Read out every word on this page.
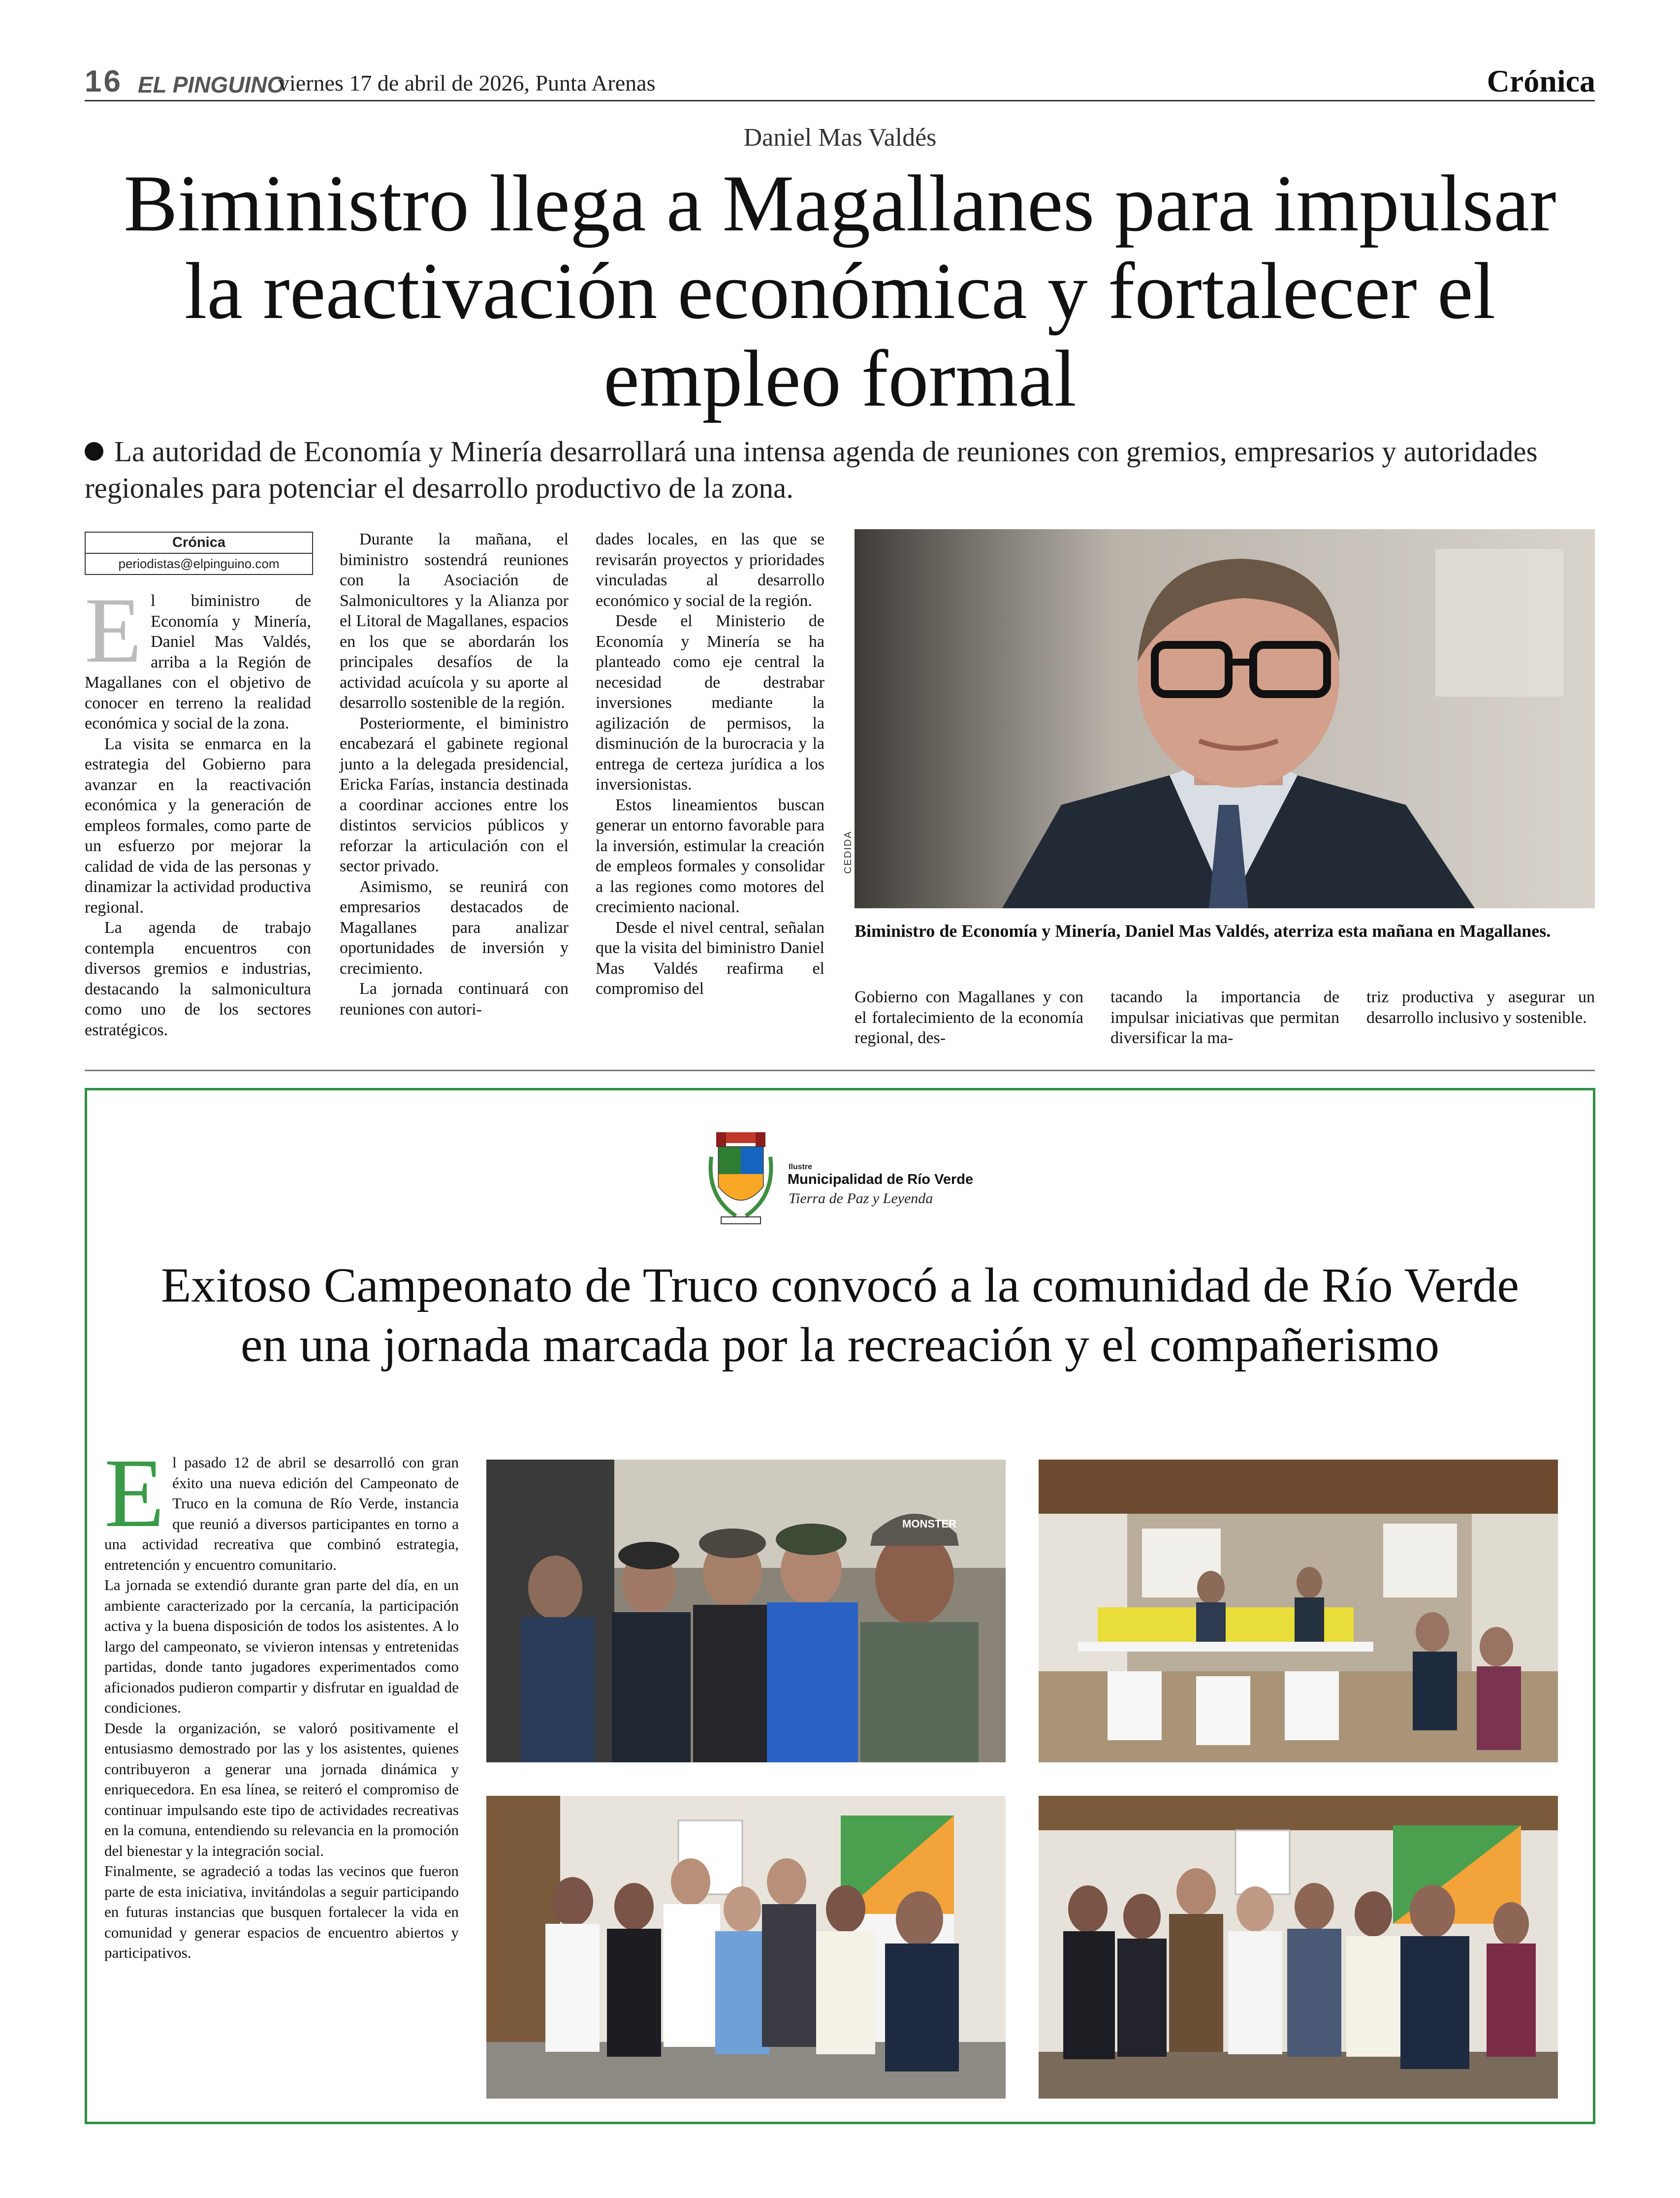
16 EL PINGUINO
viernes 17 de abril de 2026, Punta Arenas	Crónica
Daniel Mas Valdés
Biministro llega a Magallanes para impulsar la reactivación económica y fortalecer el empleo formal
La autoridad de Economía y Minería desarrollará una intensa agenda de reuniones con gremios, empresarios y autoridades regionales para potenciar el desarrollo productivo de la zona.
Crónica
periodistas@elpinguino.com
E l biministro de Economía y Minería, Daniel Mas Valdés, arriba a la Región de Magallanes con el objetivo de conocer en terreno la realidad económica y social de la zona.

La visita se enmarca en la estrategia del Gobierno para avanzar en la reactivación económica y la generación de empleos formales, como parte de un esfuerzo por mejorar la calidad de vida de las personas y dinamizar la actividad productiva regional.

La agenda de trabajo contempla encuentros con diversos gremios e industrias, destacando la salmonicultura como uno de los sectores estratégicos.

Durante la mañana, el biministro sostendrá reuniones con la Asociación de Salmonicultores y la Alianza por el Litoral de Magallanes, espacios en los que se abordarán los principales desafíos de la actividad acuícola y su aporte al desarrollo sostenible de la región.

Posteriormente, el biministro encabezará el gabinete regional junto a la delegada presidencial, Ericka Farías, instancia destinada a coordinar acciones entre los distintos servicios públicos y reforzar la articulación con el sector privado.

Asimismo, se reunirá con empresarios destacados de Magallanes para analizar oportunidades de inversión y crecimiento.

La jornada continuará con reuniones con autori-

dades locales, en las que se revisarán proyectos y prioridades vinculadas al desarrollo económico y social de la región.

Desde el Ministerio de Economía y Minería se ha planteado como eje central la necesidad de destrabar inversiones mediante la agilización de permisos, la disminución de la burocracia y la entrega de certeza jurídica a los inversionistas.

Estos lineamientos buscan generar un entorno favorable para la inversión, estimular la creación de empleos formales y consolidar a las regiones como motores del crecimiento nacional.

Desde el nivel central, señalan que la visita del biministro Daniel Mas Valdés reafirma el compromiso del

CEDIDA
Biministro de Economía y Minería, Daniel Mas Valdés, aterriza esta mañana en Magallanes.

Gobierno con Magallanes y con el fortalecimiento de la economía regional, des-

tacando la importancia de impulsar iniciativas que permitan diversificar la ma-

triz productiva y asegurar un desarrollo inclusivo y sostenible.

Ilustre
Municipalidad de Río Verde
Tierra de Paz y Leyenda
Exitoso Campeonato de Truco convocó a la comunidad de Río Verde en una jornada marcada por la recreación y el compañerismo
E l pasado 12 de abril se desarrolló con gran éxito una nueva edición del Campeonato de Truco en la comuna de Río Verde, instancia que reunió a diversos participantes en torno a una actividad recreativa que combinó estrategia, entretención y encuentro comunitario.

La jornada se extendió durante gran parte del día, en un ambiente caracterizado por la cercanía, la participación activa y la buena disposición de todos los asistentes. A lo largo del campeonato, se vivieron intensas y entretenidas partidas, donde tanto jugadores experimentados como aficionados pudieron compartir y disfrutar en igualdad de condiciones.

Desde la organización, se valoró positivamente el entusiasmo demostrado por las y los asistentes, quienes contribuyeron a generar una jornada dinámica y enriquecedora. En esa línea, se reiteró el compromiso de continuar impulsando este tipo de actividades recreativas en la comuna, entendiendo su relevancia en la promoción del bienestar y la integración social.

Finalmente, se agradeció a todas las vecinos que fueron parte de esta iniciativa, invitándolas a seguir participando en futuras instancias que busquen fortalecer la vida en comunidad y generar espacios de encuentro abiertos y participativos.

MONSTER
